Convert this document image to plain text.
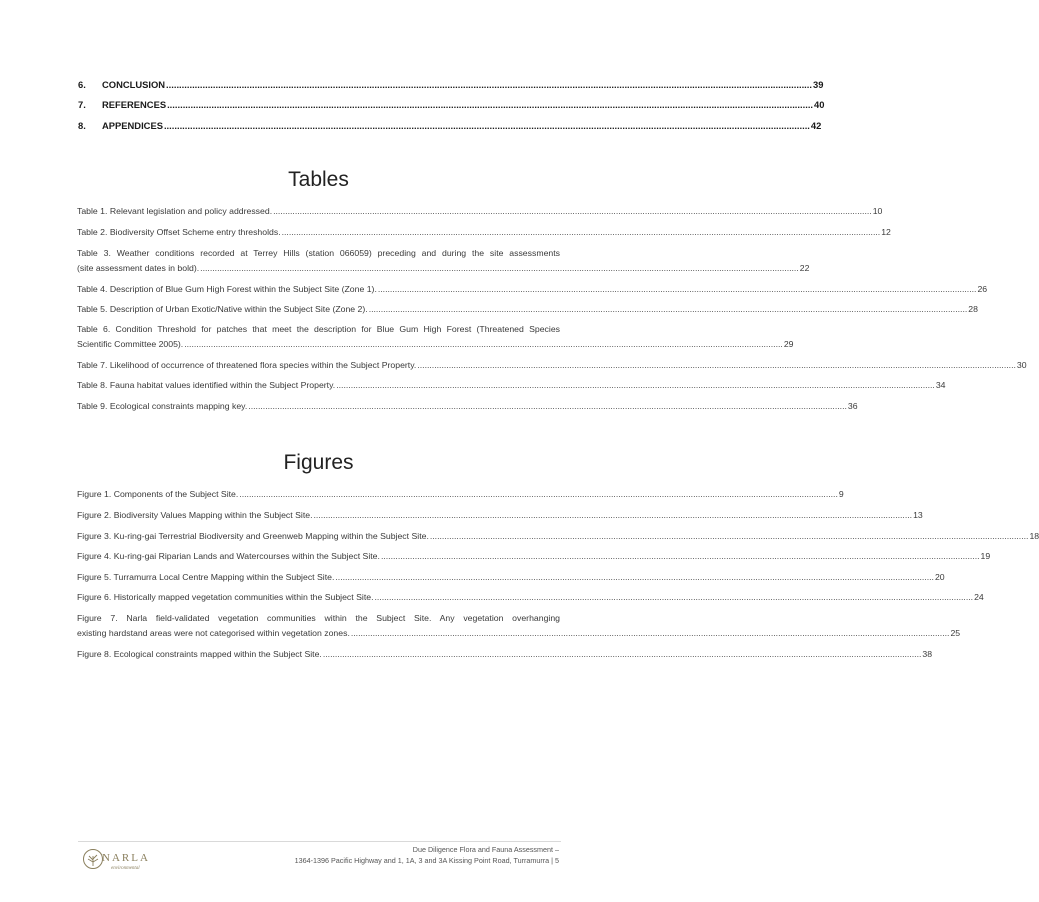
6.	CONCLUSION ........................................................................................................................................................................................................................................................ 39
7.	REFERENCES ........................................................................................................................................................................................................................................................ 40
8.	APPENDICES ........................................................................................................................................................................................................................................................ 42
Tables
Table 1. Relevant legislation and policy addressed. ........................................................................................................................................................................................................................................................ 10
Table 2. Biodiversity Offset Scheme entry thresholds. ........................................................................................................................................................................................................................................................ 12
Table 3. Weather conditions recorded at Terrey Hills (station 066059) preceding and during the site assessments
(site assessment dates in bold). ........................................................................................................................................................................................................................................................ 22
Table 4. Description of Blue Gum High Forest within the Subject Site (Zone 1). ........................................................................................................................................................................................................................................................ 26
Table 5. Description of Urban Exotic/Native within the Subject Site (Zone 2). ........................................................................................................................................................................................................................................................ 28
Table 6. Condition Threshold for patches that meet the description for Blue Gum High Forest (Threatened Species
Scientific Committee 2005). ........................................................................................................................................................................................................................................................ 29
Table 7. Likelihood of occurrence of threatened flora species within the Subject Property. ........................................................................................................................................................................................................................................................ 30
Table 8. Fauna habitat values identified within the Subject Property. ........................................................................................................................................................................................................................................................ 34
Table 9. Ecological constraints mapping key. ........................................................................................................................................................................................................................................................ 36
Figures
Figure 1. Components of the Subject Site. ........................................................................................................................................................................................................................................................ 9
Figure 2. Biodiversity Values Mapping within the Subject Site. ........................................................................................................................................................................................................................................................ 13
Figure 3. Ku-ring-gai Terrestrial Biodiversity and Greenweb Mapping within the Subject Site. ........................................................................................................................................................................................................................................................ 18
Figure 4. Ku-ring-gai Riparian Lands and Watercourses within the Subject Site. ........................................................................................................................................................................................................................................................ 19
Figure 5. Turramurra Local Centre Mapping within the Subject Site. ........................................................................................................................................................................................................................................................ 20
Figure 6. Historically mapped vegetation communities within the Subject Site. ........................................................................................................................................................................................................................................................ 24
Figure 7. Narla field-validated vegetation communities within the Subject Site. Any vegetation overhanging
existing hardstand areas were not categorised within vegetation zones. ........................................................................................................................................................................................................................................................ 25
Figure 8. Ecological constraints mapped within the Subject Site. ........................................................................................................................................................................................................................................................ 38
NARLA
environmental
Due Diligence Flora and Fauna Assessment –
1364-1396 Pacific Highway and 1, 1A, 3 and 3A Kissing Point Road, Turramurra | 5
